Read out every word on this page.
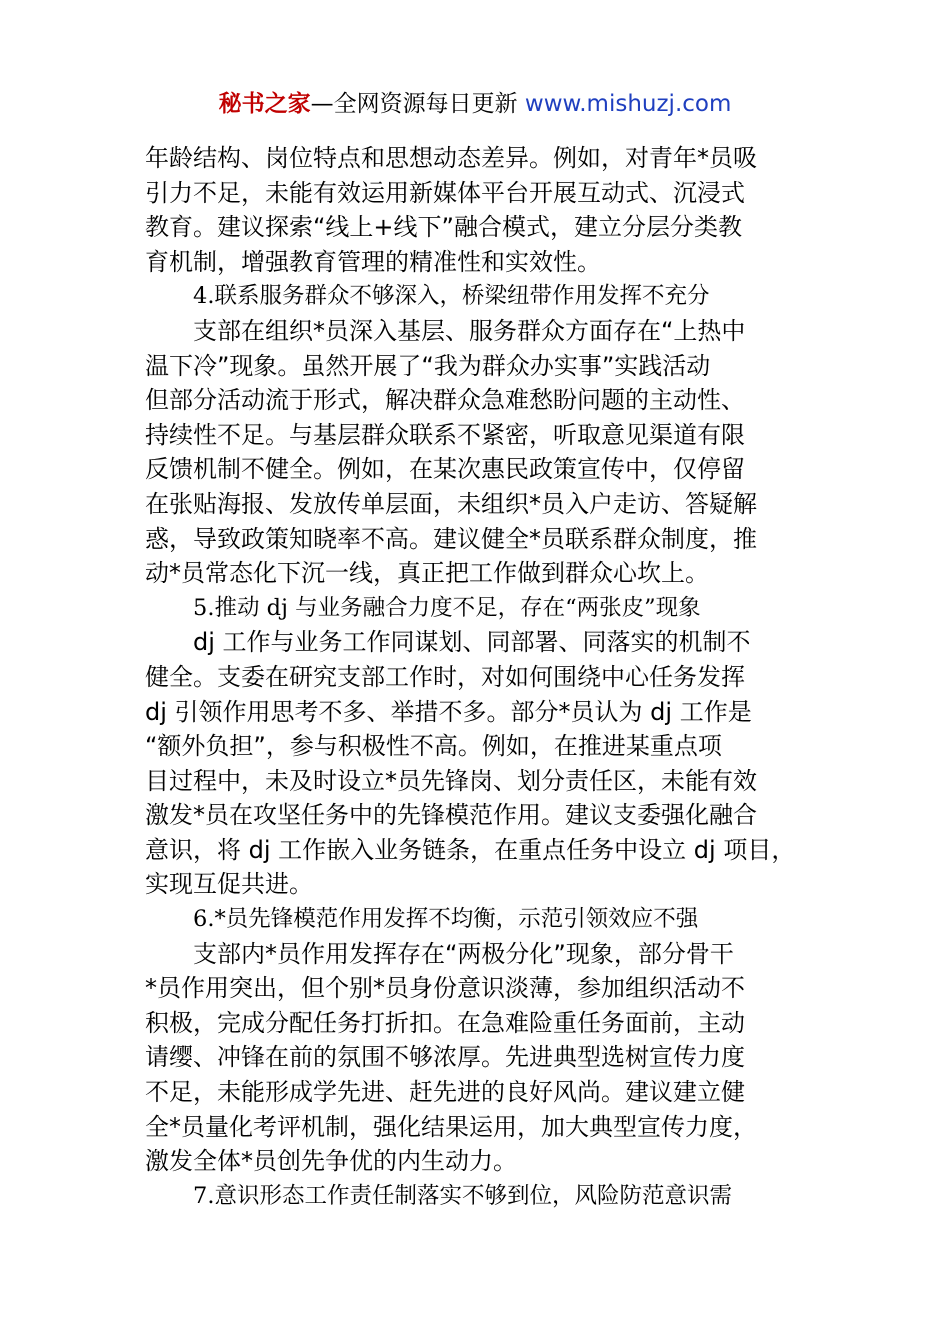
秘书之家—全网资源每日更新 www.mishuzj.com
年龄结构、岗位特点和思想动态差异。例如，对青年*员吸
引力不足，未能有效运用新媒体平台开展互动式、沉浸式
教育。建议探索“线上+线下”融合模式，建立分层分类教
育机制，增强教育管理的精准性和实效性。
4.联系服务群众不够深入，桥梁纽带作用发挥不充分
支部在组织*员深入基层、服务群众方面存在“上热中
温下冷”现象。虽然开展了“我为群众办实事”实践活动
但部分活动流于形式，解决群众急难愁盼问题的主动性、
持续性不足。与基层群众联系不紧密，听取意见渠道有限
反馈机制不健全。例如，在某次惠民政策宣传中，仅停留
在张贴海报、发放传单层面，未组织*员入户走访、答疑解
惑，导致政策知晓率不高。建议健全*员联系群众制度，推
动*员常态化下沉一线，真正把工作做到群众心坎上。
5.推动 dj 与业务融合力度不足，存在“两张皮”现象
dj 工作与业务工作同谋划、同部署、同落实的机制不
健全。支委在研究支部工作时，对如何围绕中心任务发挥
dj 引领作用思考不多、举措不多。部分*员认为 dj 工作是
“额外负担”，参与积极性不高。例如，在推进某重点项
目过程中，未及时设立*员先锋岗、划分责任区，未能有效
激发*员在攻坚任务中的先锋模范作用。建议支委强化融合
意识，将 dj 工作嵌入业务链条，在重点任务中设立 dj 项目，
实现互促共进。
6.*员先锋模范作用发挥不均衡，示范引领效应不强
支部内*员作用发挥存在“两极分化”现象，部分骨干
*员作用突出，但个别*员身份意识淡薄，参加组织活动不
积极，完成分配任务打折扣。在急难险重任务面前，主动
请缨、冲锋在前的氛围不够浓厚。先进典型选树宣传力度
不足，未能形成学先进、赶先进的良好风尚。建议建立健
全*员量化考评机制，强化结果运用，加大典型宣传力度，
激发全体*员创先争优的内生动力。
7.意识形态工作责任制落实不够到位，风险防范意识需
